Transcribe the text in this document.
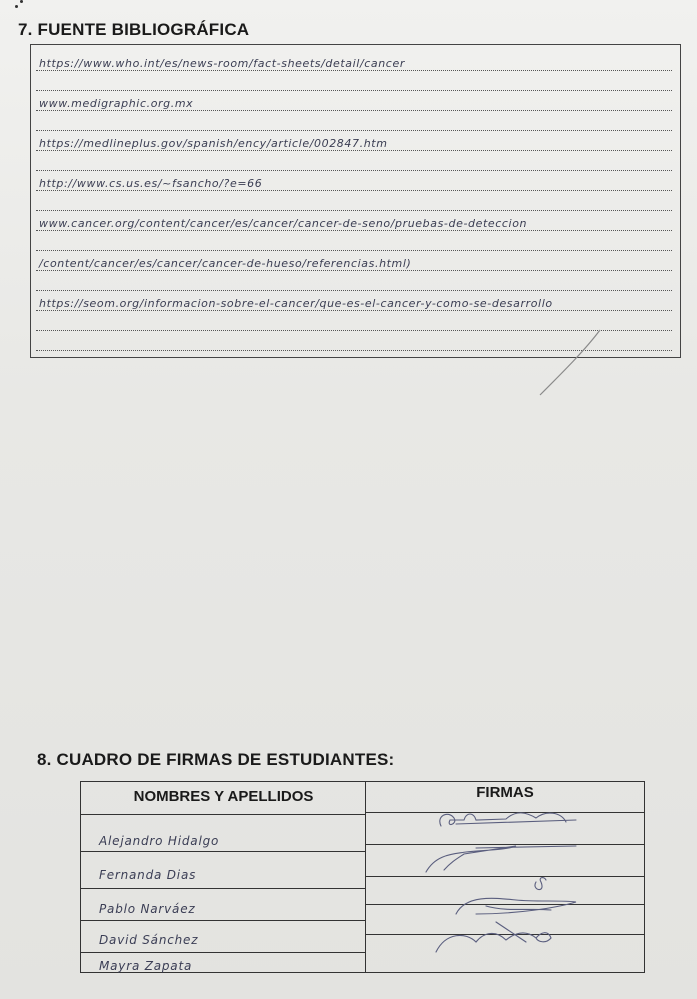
7. FUENTE BIBLIOGRÁFICA
https://www.who.int/es/news-room/fact-sheets/detail/cancer
www.medigraphic.org.mx
https://medlineplus.gov/spanish/ency/article/002847.htm
http://www.cs.us.es/~fsancho/?e=66
www.cancer.org/content/cancer/es/cancer/cancer-de-seno/pruebas-de-deteccion
/content/cancer/es/cancer/cancer-de-hueso/referencias.html)
https://seom.org/informacion-sobre-el-cancer/que-es-el-cancer-y-como-se-desarrollo
8. CUADRO DE FIRMAS DE ESTUDIANTES:
NOMBRES Y APELLIDOS	FIRMAS
Alejandro Hidalgo
Fernanda Dias
Pablo Narváez
David Sánchez
Mayra Zapata
